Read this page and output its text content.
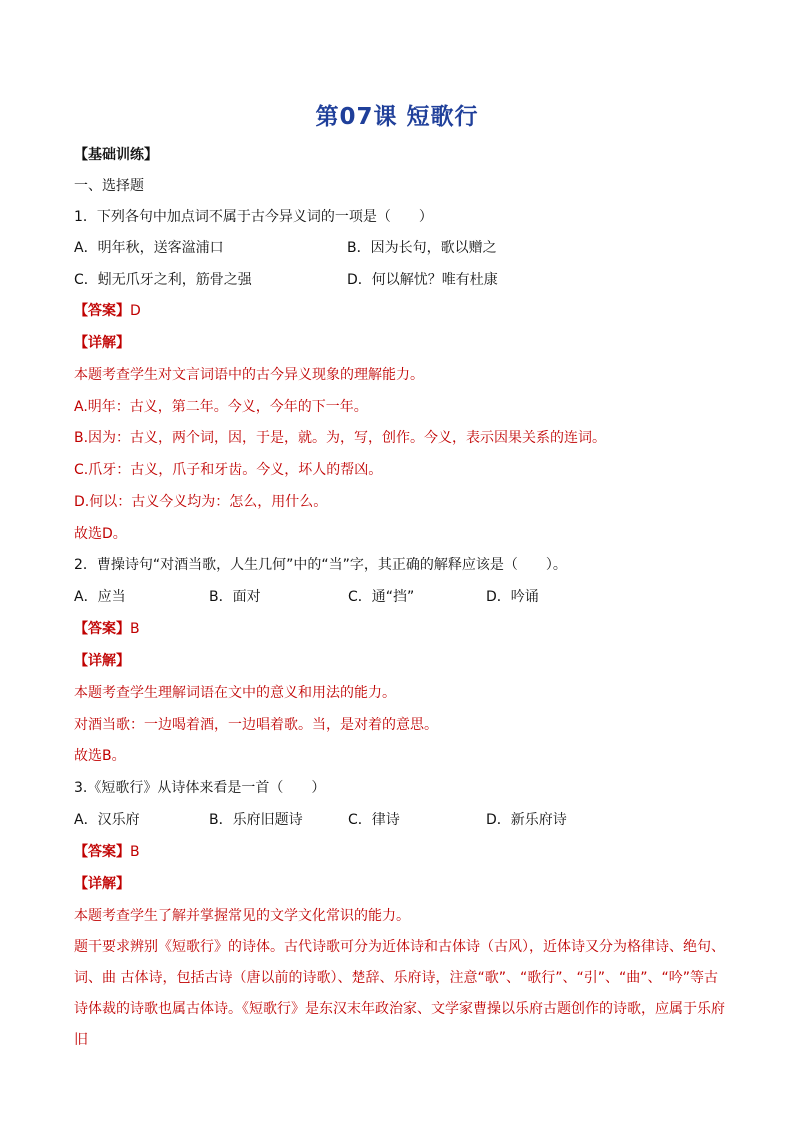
第07课 短歌行
【基础训练】
一、选择题
1．下列各句中加点词不属于古今异义词的一项是（　　）
A．明年秋，送客湓浦口	B．因为长句，歌以赠之
C．蚓无爪牙之利，筋骨之强	D．何以解忧？唯有杜康
【答案】D
【详解】
本题考查学生对文言词语中的古今异义现象的理解能力。
A.明年：古义，第二年。今义，今年的下一年。
B.因为：古义，两个词，因，于是，就。为，写，创作。今义，表示因果关系的连词。
C.爪牙：古义，爪子和牙齿。今义，坏人的帮凶。
D.何以：古义今义均为：怎么，用什么。
故选D。
2．曹操诗句“对酒当歌，人生几何”中的“当”字，其正确的解释应该是（　　）。
A．应当	B．面对	C．通“挡”	D．吟诵
【答案】B
【详解】
本题考查学生理解词语在文中的意义和用法的能力。
对酒当歌：一边喝着酒，一边唱着歌。当，是对着的意思。
故选B。
3.《短歌行》从诗体来看是一首（　　）
A．汉乐府	B．乐府旧题诗	C．律诗	D．新乐府诗
【答案】B
【详解】
本题考查学生了解并掌握常见的文学文化常识的能力。
题干要求辨别《短歌行》的诗体。古代诗歌可分为近体诗和古体诗（古风），近体诗又分为格律诗、绝句、词、曲 古体诗，包括古诗（唐以前的诗歌）、楚辞、乐府诗，注意“歌”、“歌行”、“引”、“曲”、“吟”等古诗体裁的诗歌也属古体诗。《短歌行》是东汉末年政治家、文学家曹操以乐府古题创作的诗歌，应属于乐府旧
